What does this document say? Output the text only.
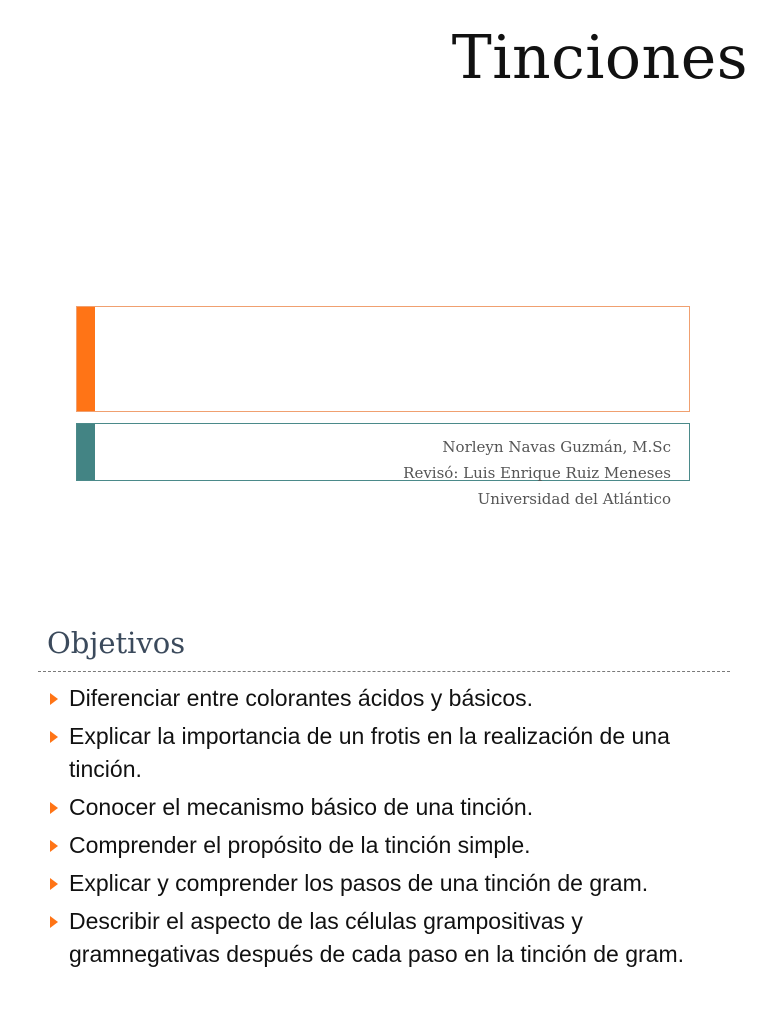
Tinciones
Norleyn Navas Guzmán, M.Sc
Revisó: Luis Enrique Ruiz Meneses
Universidad del Atlántico
Objetivos
Diferenciar entre colorantes ácidos y básicos.
Explicar la importancia de un frotis en la realización de una tinción.
Conocer el mecanismo básico de una tinción.
Comprender el propósito de la tinción simple.
Explicar y comprender los pasos de una tinción de gram.
Describir el aspecto de las células grampositivas y gramnegativas después de cada paso en la tinción de gram.
